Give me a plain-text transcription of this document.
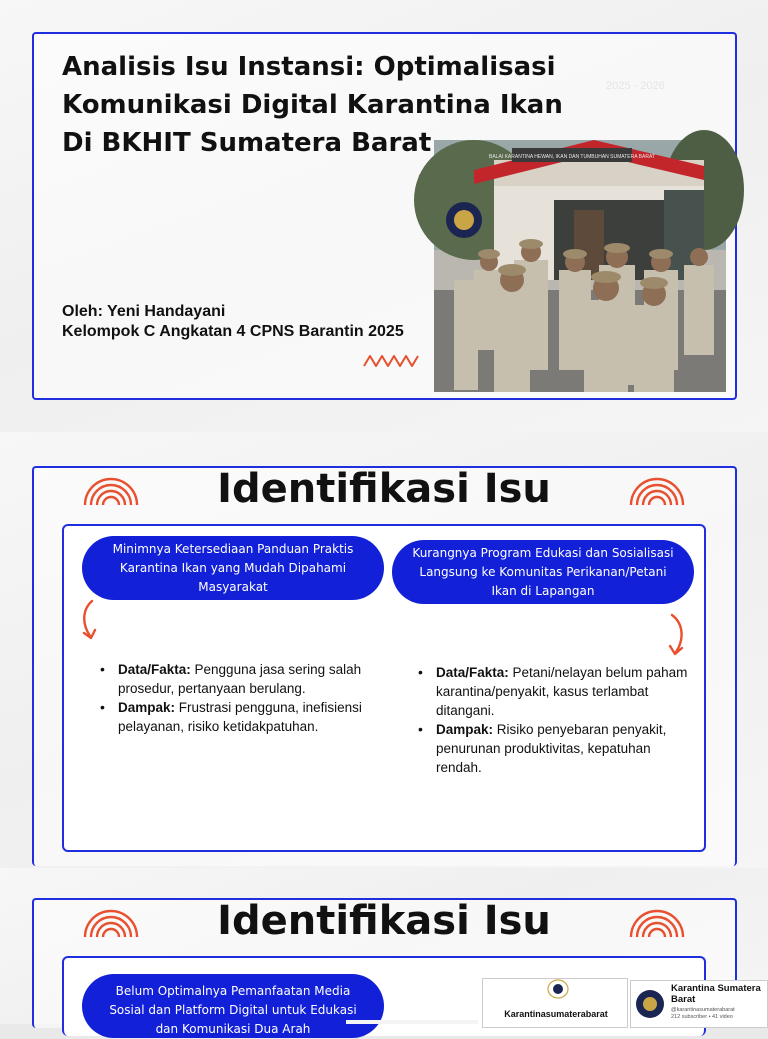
2025 - 2026
Analisis Isu Instansi: Optimalisasi
Komunikasi Digital Karantina Ikan
Di BKHIT Sumatera Barat
Oleh: Yeni Handayani
Kelompok C Angkatan 4 CPNS Barantin 2025
BALAI KARANTINA HEWAN, IKAN DAN TUMBUHAN SUMATERA BARAT
Identifikasi Isu
Minimnya Ketersediaan Panduan Praktis Karantina Ikan yang Mudah Dipahami Masyarakat
Kurangnya Program Edukasi dan Sosialisasi Langsung ke Komunitas Perikanan/Petani Ikan di Lapangan
• Data/Fakta: Pengguna jasa sering salah prosedur, pertanyaan berulang.
• Dampak: Frustrasi pengguna, inefisiensi pelayanan, risiko ketidakpatuhan.
• Data/Fakta: Petani/nelayan belum paham karantina/penyakit, kasus terlambat ditangani.
• Dampak: Risiko penyebaran penyakit, penurunan produktivitas, kepatuhan rendah.
Identifikasi Isu
Belum Optimalnya Pemanfaatan Media Sosial dan Platform Digital untuk Edukasi dan Komunikasi Dua Arah
Karantinasumaterabarat
Karantina Sumatera Barat
@karantinasumaterabarat
212 subscriber • 41 video
